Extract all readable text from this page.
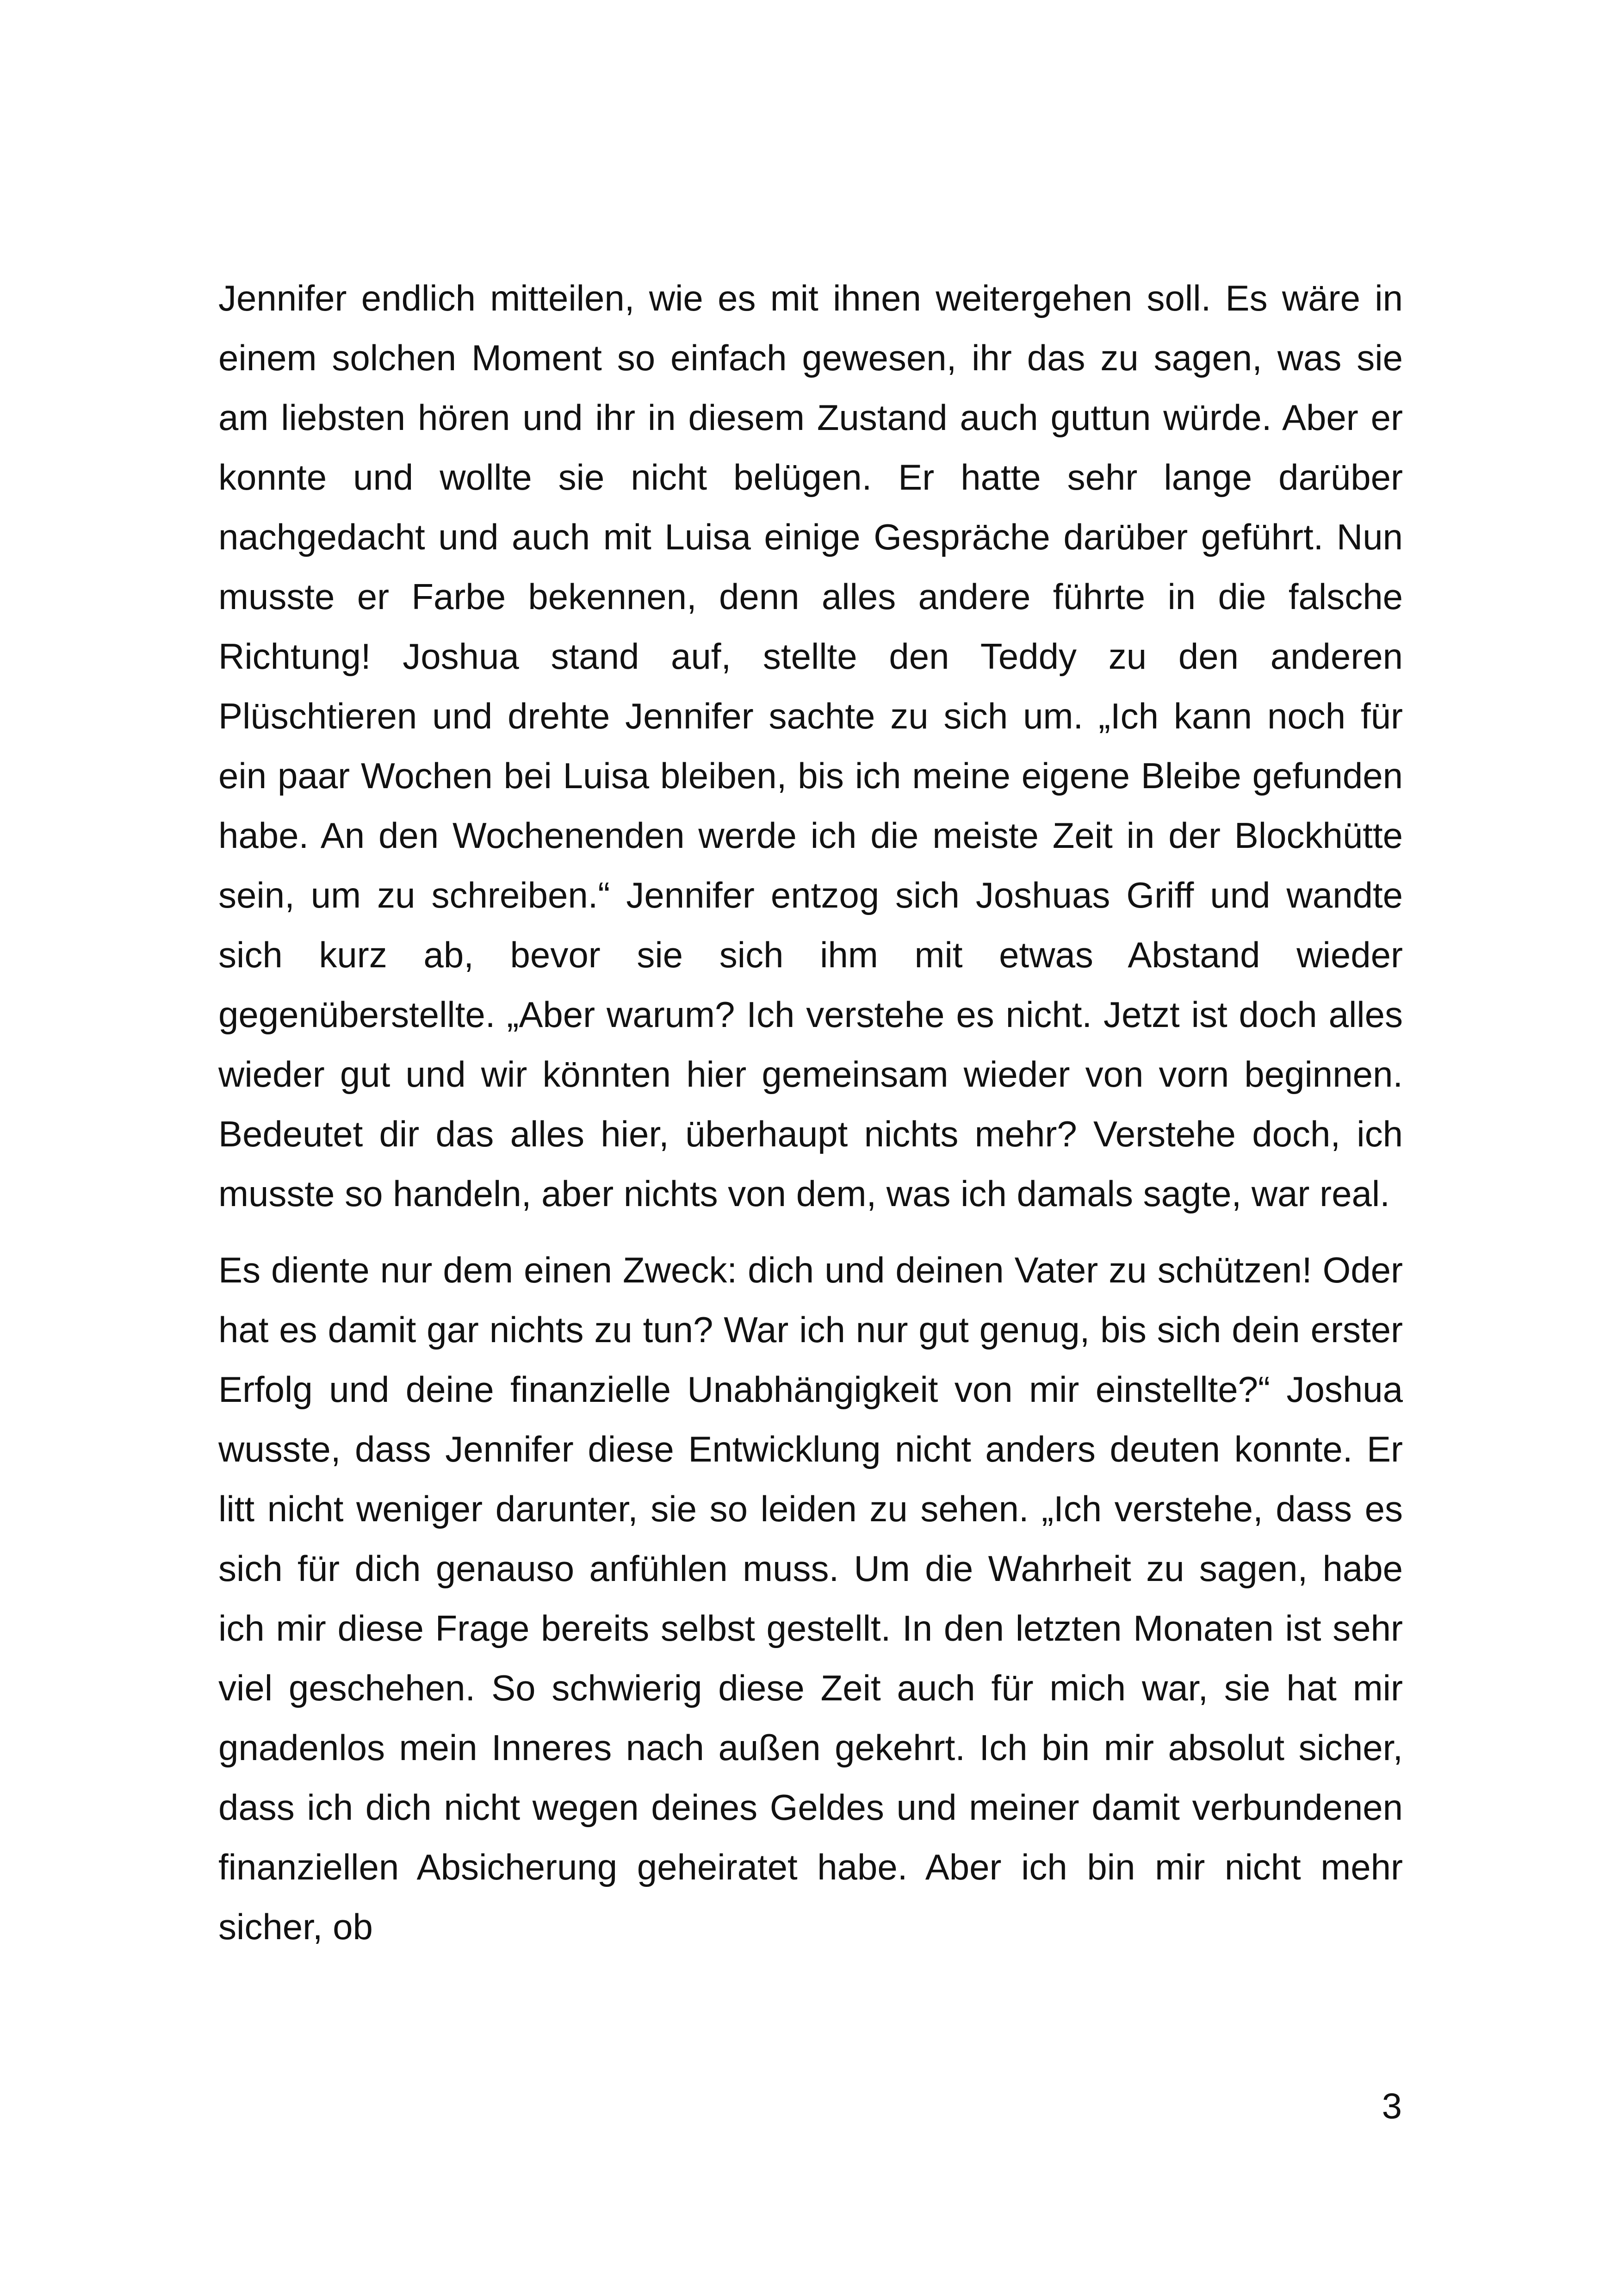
Jennifer endlich mitteilen, wie es mit ihnen weitergehen soll. Es wäre in einem solchen Moment so einfach gewesen, ihr das zu sagen, was sie am liebsten hören und ihr in diesem Zustand auch guttun würde. Aber er konnte und wollte sie nicht belügen. Er hatte sehr lange darüber nachgedacht und auch mit Luisa einige Gespräche darüber geführt. Nun musste er Farbe bekennen, denn alles andere führte in die falsche Richtung! Joshua stand auf, stellte den Teddy zu den anderen Plüschtieren und drehte Jennifer sachte zu sich um. „Ich kann noch für ein paar Wochen bei Luisa bleiben, bis ich meine eigene Bleibe gefunden habe. An den Wochenenden werde ich die meiste Zeit in der Blockhütte sein, um zu schreiben.“ Jennifer entzog sich Joshuas Griff und wandte sich kurz ab, bevor sie sich ihm mit etwas Abstand wieder gegenüberstellte. „Aber warum? Ich verstehe es nicht. Jetzt ist doch alles wieder gut und wir könnten hier gemeinsam wieder von vorn beginnen. Bedeutet dir das alles hier, überhaupt nichts mehr? Verstehe doch, ich musste so handeln, aber nichts von dem, was ich damals sagte, war real.

Es diente nur dem einen Zweck: dich und deinen Vater zu schützen! Oder hat es damit gar nichts zu tun? War ich nur gut genug, bis sich dein erster Erfolg und deine finanzielle Unabhängigkeit von mir einstellte?“ Joshua wusste, dass Jennifer diese Entwicklung nicht anders deuten konnte. Er litt nicht weniger darunter, sie so leiden zu sehen. „Ich verstehe, dass es sich für dich genauso anfühlen muss. Um die Wahrheit zu sagen, habe ich mir diese Frage bereits selbst gestellt. In den letzten Monaten ist sehr viel geschehen. So schwierig diese Zeit auch für mich war, sie hat mir gnadenlos mein Inneres nach außen gekehrt. Ich bin mir absolut sicher, dass ich dich nicht wegen deines Geldes und meiner damit verbundenen finanziellen Absicherung geheiratet habe. Aber ich bin mir nicht mehr sicher, ob

3
